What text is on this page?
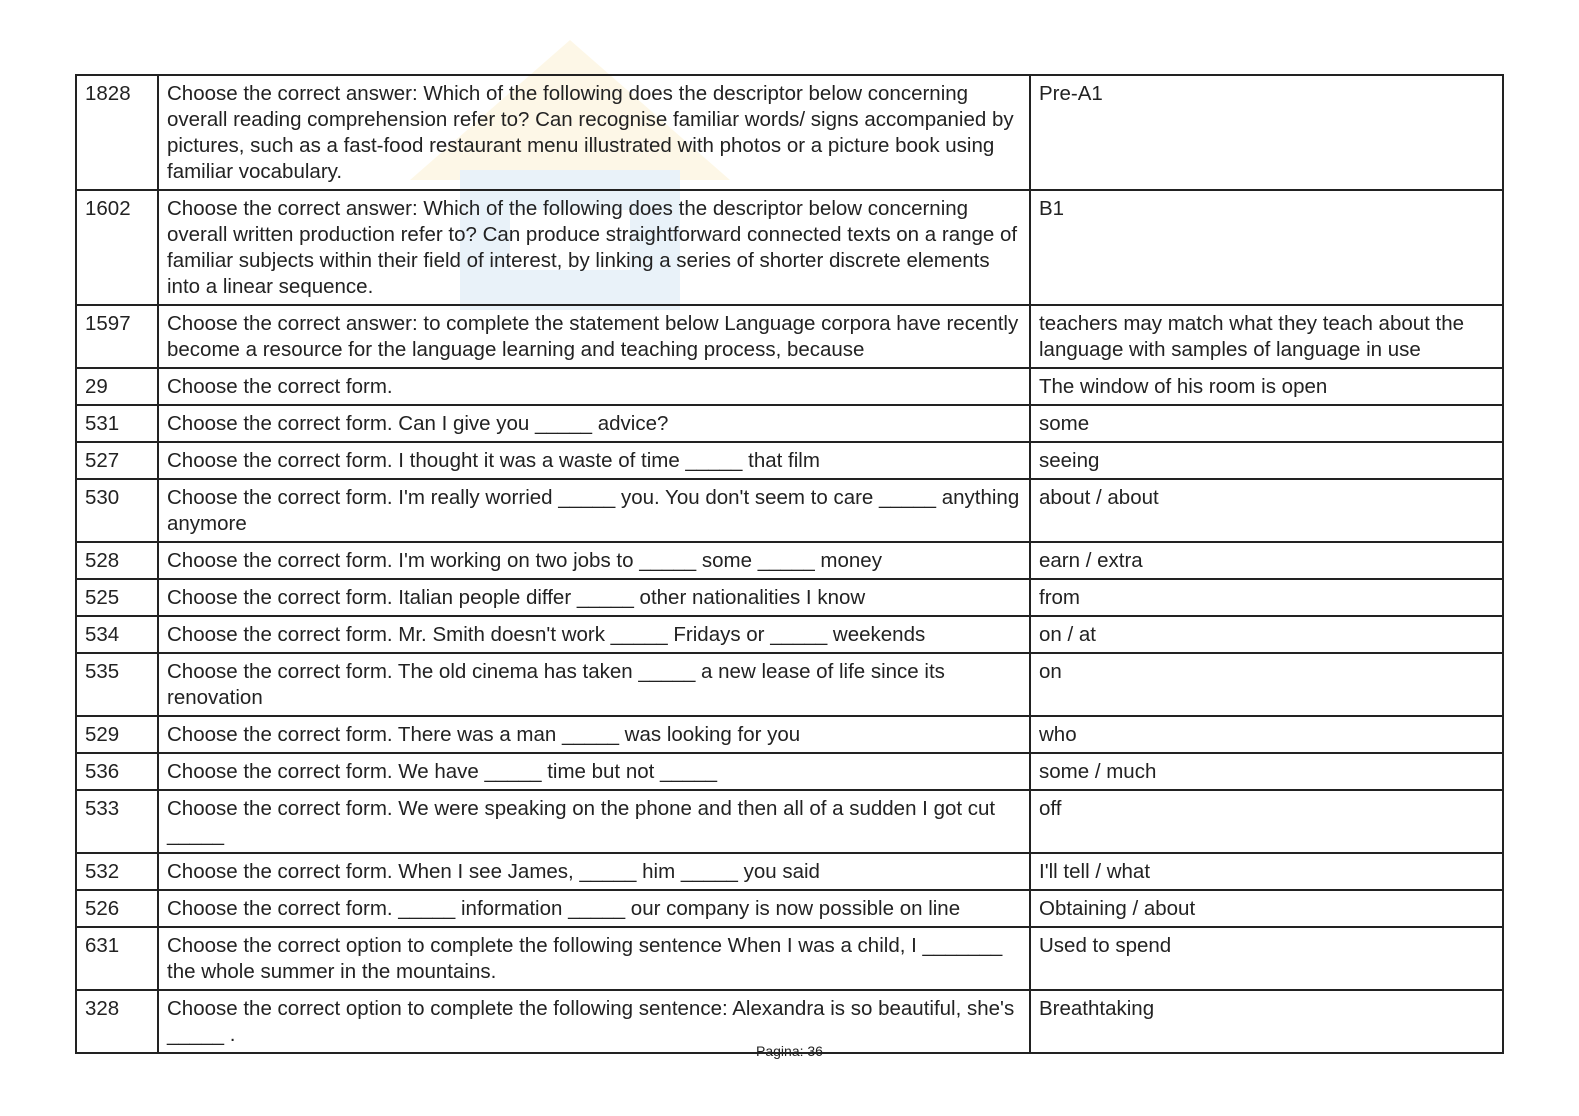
1828	Choose the correct answer: Which of the following does the descriptor below concerning overall reading comprehension refer to? Can recognise familiar words/ signs accompanied by pictures, such as a fast-food restaurant menu illustrated with photos or a picture book using familiar vocabulary.	Pre-A1
1602	Choose the correct answer: Which of the following does the descriptor below concerning overall written production refer to? Can produce straightforward connected texts on a range of familiar subjects within their field of interest, by linking a series of shorter discrete elements into a linear sequence.	B1
1597	Choose the correct answer: to complete the statement below Language corpora have recently become a resource for the language learning and teaching process, because	teachers may match what they teach about the language with samples of language in use
29	Choose the correct form.	The window of his room is open
531	Choose the correct form. Can I give you _____ advice?	some
527	Choose the correct form. I thought it was a waste of time _____ that film	seeing
530	Choose the correct form. I'm really worried _____ you. You don't seem to care _____ anything anymore	about / about
528	Choose the correct form. I'm working on two jobs to _____ some _____ money	earn / extra
525	Choose the correct form. Italian people differ _____ other nationalities I know	from
534	Choose the correct form. Mr. Smith doesn't work _____ Fridays or _____ weekends	on / at
535	Choose the correct form. The old cinema has taken _____ a new lease of life since its renovation	on
529	Choose the correct form. There was a man _____ was looking for you	who
536	Choose the correct form. We have _____ time but not _____	some / much
533	Choose the correct form. We were speaking on the phone and then all of a sudden I got cut _____	off
532	Choose the correct form. When I see James, _____ him _____ you said	I'll tell / what
526	Choose the correct form. _____ information _____ our company is now possible on line	Obtaining / about
631	Choose the correct option to complete the following sentence When I was a child, I _______ the whole summer in the mountains.	Used to spend
328	Choose the correct option to complete the following sentence: Alexandra is so beautiful, she's _____ .	Breathtaking
Pagina: 36
